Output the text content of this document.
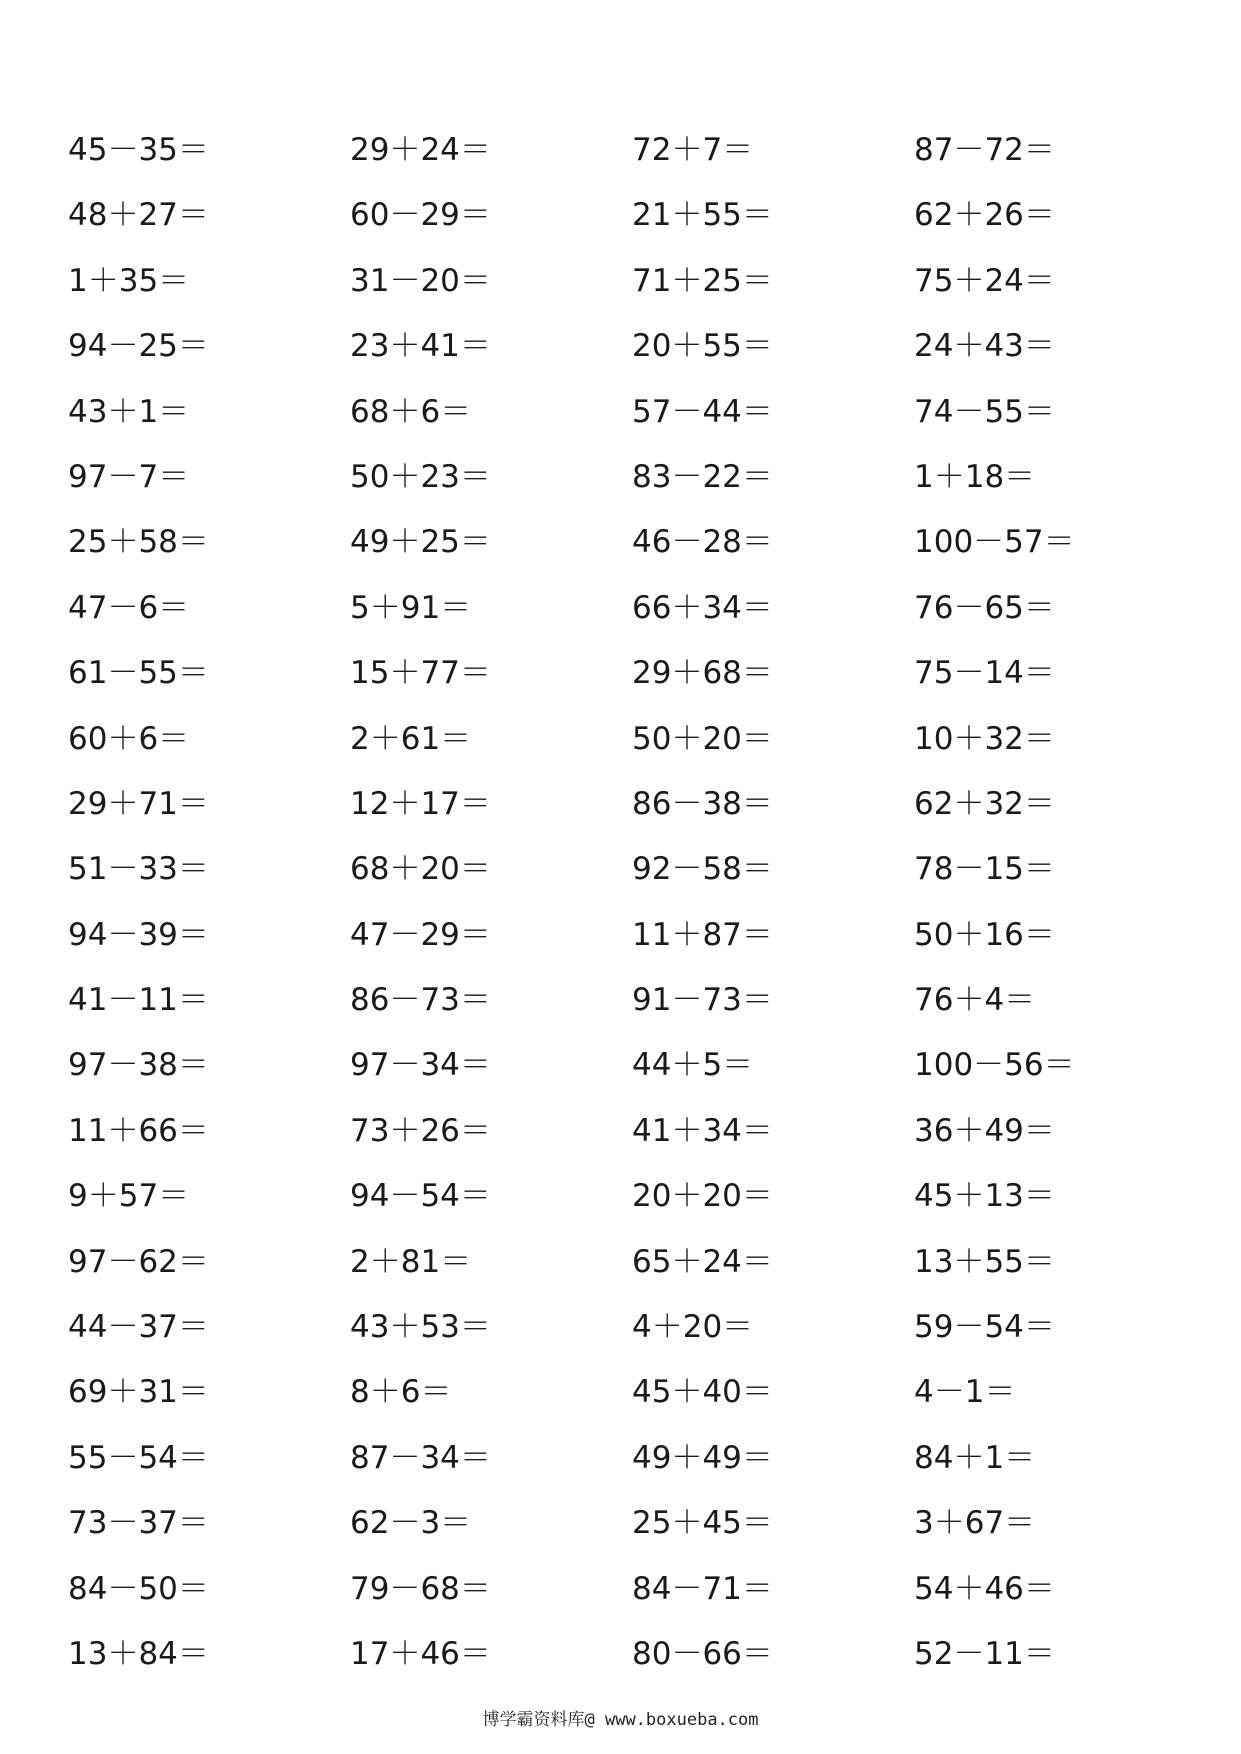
45－35＝	29＋24＝	72＋7＝	87－72＝
48＋27＝	60－29＝	21＋55＝	62＋26＝
1＋35＝	31－20＝	71＋25＝	75＋24＝
94－25＝	23＋41＝	20＋55＝	24＋43＝
43＋1＝	68＋6＝	57－44＝	74－55＝
97－7＝	50＋23＝	83－22＝	1＋18＝
25＋58＝	49＋25＝	46－28＝	100－57＝
47－6＝	5＋91＝	66＋34＝	76－65＝
61－55＝	15＋77＝	29＋68＝	75－14＝
60＋6＝	2＋61＝	50＋20＝	10＋32＝
29＋71＝	12＋17＝	86－38＝	62＋32＝
51－33＝	68＋20＝	92－58＝	78－15＝
94－39＝	47－29＝	11＋87＝	50＋16＝
41－11＝	86－73＝	91－73＝	76＋4＝
97－38＝	97－34＝	44＋5＝	100－56＝
11＋66＝	73＋26＝	41＋34＝	36＋49＝
9＋57＝	94－54＝	20＋20＝	45＋13＝
97－62＝	2＋81＝	65＋24＝	13＋55＝
44－37＝	43＋53＝	4＋20＝	59－54＝
69＋31＝	8＋6＝	45＋40＝	4－1＝
55－54＝	87－34＝	49＋49＝	84＋1＝
73－37＝	62－3＝	25＋45＝	3＋67＝
84－50＝	79－68＝	84－71＝	54＋46＝
13＋84＝	17＋46＝	80－66＝	52－11＝
博学霸资料库@ www.boxueba.com
